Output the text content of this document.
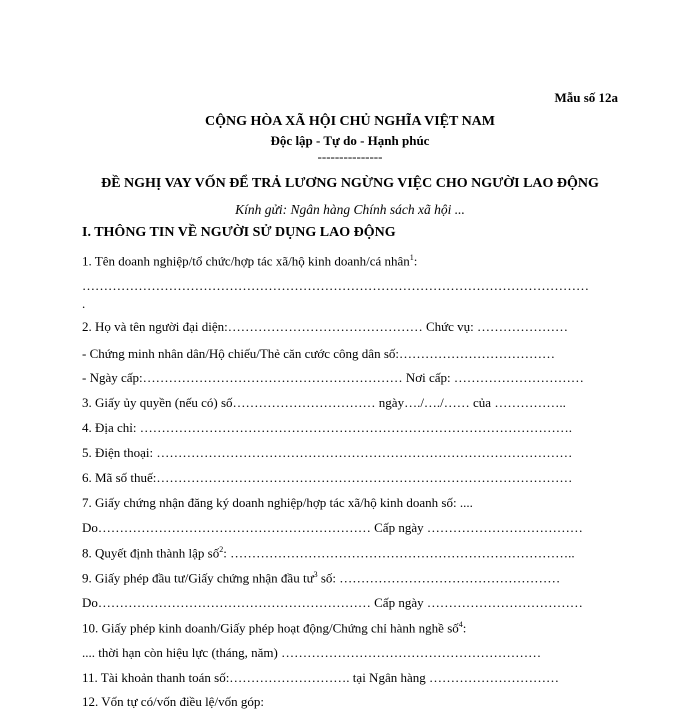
Mẫu số 12a
CỘNG HÒA XÃ HỘI CHỦ NGHĨA VIỆT NAM
Độc lập - Tự do - Hạnh phúc
---------------
ĐỀ NGHỊ VAY VỐN ĐỂ TRẢ LƯƠNG NGỪNG VIỆC CHO NGƯỜI LAO ĐỘNG
Kính gửi: Ngân hàng Chính sách xã hội ...
I. THÔNG TIN VỀ NGƯỜI SỬ DỤNG LAO ĐỘNG
1. Tên doanh nghiệp/tổ chức/hợp tác xã/hộ kinh doanh/cá nhân$^1$:
………………………………………………………………………………………………………
.
2. Họ và tên người đại diện:……………………………………… Chức vụ: …………………
- Chứng minh nhân dân/Hộ chiếu/Thẻ căn cước công dân số:………………………………
- Ngày cấp:…………………………………………………… Nơi cấp: …………………………
3. Giấy ủy quyền (nếu có) số…………………………… ngày…./…./…… của ……………..
4. Địa chỉ: ……………………………………………………………………………………….
5. Điện thoại: ……………………………………………………………………………………
6. Mã số thuế:……………………………………………………………………………………
7. Giấy chứng nhận đăng ký doanh nghiệp/hợp tác xã/hộ kinh doanh số: ....
Do……………………………………………………… Cấp ngày ………………………………
8. Quyết định thành lập số$^2$: ……………………………………………………………………..
9. Giấy phép đầu tư/Giấy chứng nhận đầu $tư^3$ số: ……………………………………………
Do……………………………………………………… Cấp ngày ………………………………
10. Giấy phép kinh doanh/Giấy phép hoạt động/Chứng chỉ hành nghề số$^4$:
.... thời hạn còn hiệu lực (tháng, năm) ……………………………………………………
11. Tài khoản thanh toán số:………………………. tại Ngân hàng …………………………
12. Vốn tự có/vốn điều lệ/vốn góp:
